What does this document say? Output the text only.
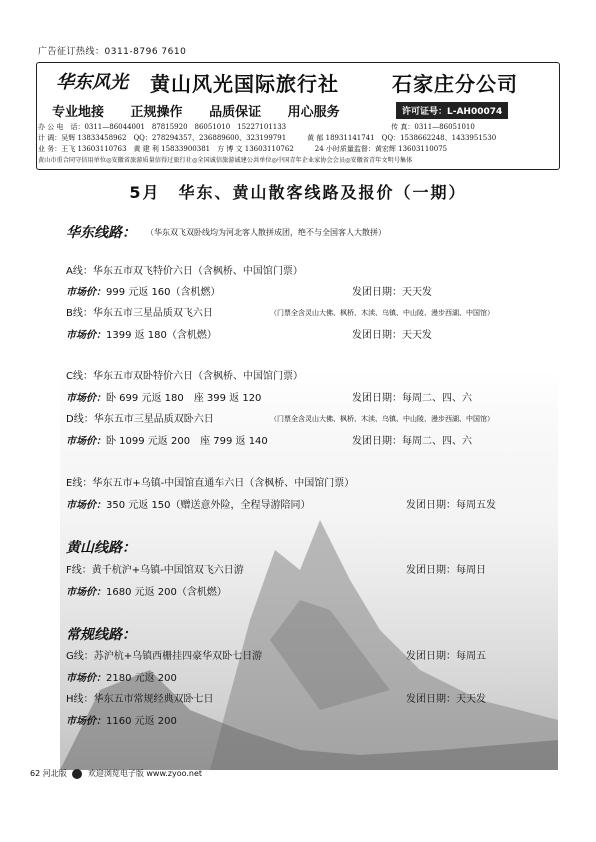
广告征订热线：0311-8796 7610
华东风光 黄山风光国际旅行社	石家庄分公司
专业地接 正规操作 品质保证 用心服务	许可证号：L-AH00074
办 公 电　话：0311—86044001　87815920　86051010　15227101133　　　　　　　　　　　　　　　传 真：0311—86051010
计 调：吴辉 13833458962　QQ：278294357、236889600、323199791　　　黄 郁 18931141741　QQ：1538662248、1433951530
业 务：王飞 13603110763　黄 建 利 15833900381　方 博 文 13603110762　　　24 小时质量监督：黄宏辉 13603110075
黄山市重合同守信用单位◎安徽省旅游质量信得过旅行社◎全国诚信旅游诚建公共单位◎中国青年企业家协会会员◎安徽省青年文明号集体
5月　华东、黄山散客线路及报价（一期）
华东线路： （华东双飞双卧线均为河北客人散拼成团，绝不与全国客人大散拼）
A线：华东五市双飞特价六日（含枫桥、中国馆门票）
市场价：999 元返 160（含机燃）	发团日期：天天发
B线：华东五市三星品质双飞六日	（门票全含灵山大佛、枫桥、木渎、乌镇、中山陵、漫步西湖、中国馆）
市场价：1399 返 180（含机燃）	发团日期：天天发
C线：华东五市双卧特价六日（含枫桥、中国馆门票）
市场价：卧 699 元返 180　座 399 返 120	发团日期：每周二、四、六
D线：华东五市三星品质双卧六日	（门票全含灵山大佛、枫桥、木渎、乌镇、中山陵、漫步西湖、中国馆）
市场价：卧 1099 元返 200　座 799 返 140	发团日期：每周二、四、六
E线：华东五市+乌镇-中国馆直通车六日（含枫桥、中国馆门票）
市场价：350 元返 150（赠送意外险，全程导游陪同）	发团日期：每周五发
黄山线路：
F线：黄千杭沪+乌镇-中国馆双飞六日游	发团日期：每周日
市场价：1680 元返 200（含机燃）
常规线路：
G线：苏沪杭+乌镇西栅挂四豪华双卧七日游	发团日期：每周五
市场价：2180 元返 200
H线：华东五市常规经典双卧七日	发团日期：天天发
市场价：1160 元返 200
62 河北版	欢迎浏览电子版 www.zyoo.net
